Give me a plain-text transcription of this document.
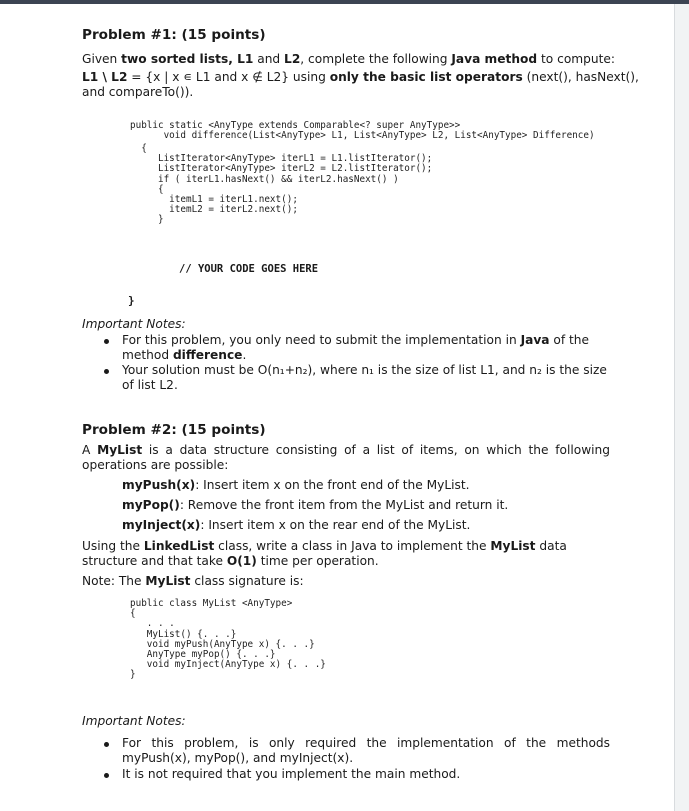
Problem #1: (15 points)
Given two sorted lists, L1 and L2, complete the following Java method to compute:
L1 \ L2 = {x | x ∊ L1 and x ∉ L2} using only the basic list operators (next(), hasNext(),
and compareTo()).
public static <AnyType extends Comparable<? super AnyType>>
void difference(List<AnyType> L1, List<AnyType> L2, List<AnyType> Difference)
{
ListIterator<AnyType> iterL1 = L1.listIterator();
ListIterator<AnyType> iterL2 = L2.listIterator();
if ( iterL1.hasNext() && iterL2.hasNext() )
{
itemL1 = iterL1.next();
itemL2 = iterL2.next();
}
// YOUR CODE GOES HERE
}
Important Notes:
For this problem, you only need to submit the implementation in Java of the method difference.
Your solution must be O(n₁+n₂), where n₁ is the size of list L1, and n₂ is the size of list L2.
Problem #2: (15 points)
A MyList is a data structure consisting of a list of items, on which the following operations are possible:
myPush(x): Insert item x on the front end of the MyList.
myPop(): Remove the front item from the MyList and return it.
myInject(x): Insert item x on the rear end of the MyList.
Using the LinkedList class, write a class in Java to implement the MyList data structure and that take O(1) time per operation.
Note: The MyList class signature is:
public class MyList <AnyType>
{
. . .
MyList() {. . .}
void myPush(AnyType x) {. . .}
AnyType myPop() {. . .}
void myInject(AnyType x) {. . .}
}
Important Notes:
For this problem, is only required the implementation of the methods myPush(x), myPop(), and myInject(x).
It is not required that you implement the main method.
